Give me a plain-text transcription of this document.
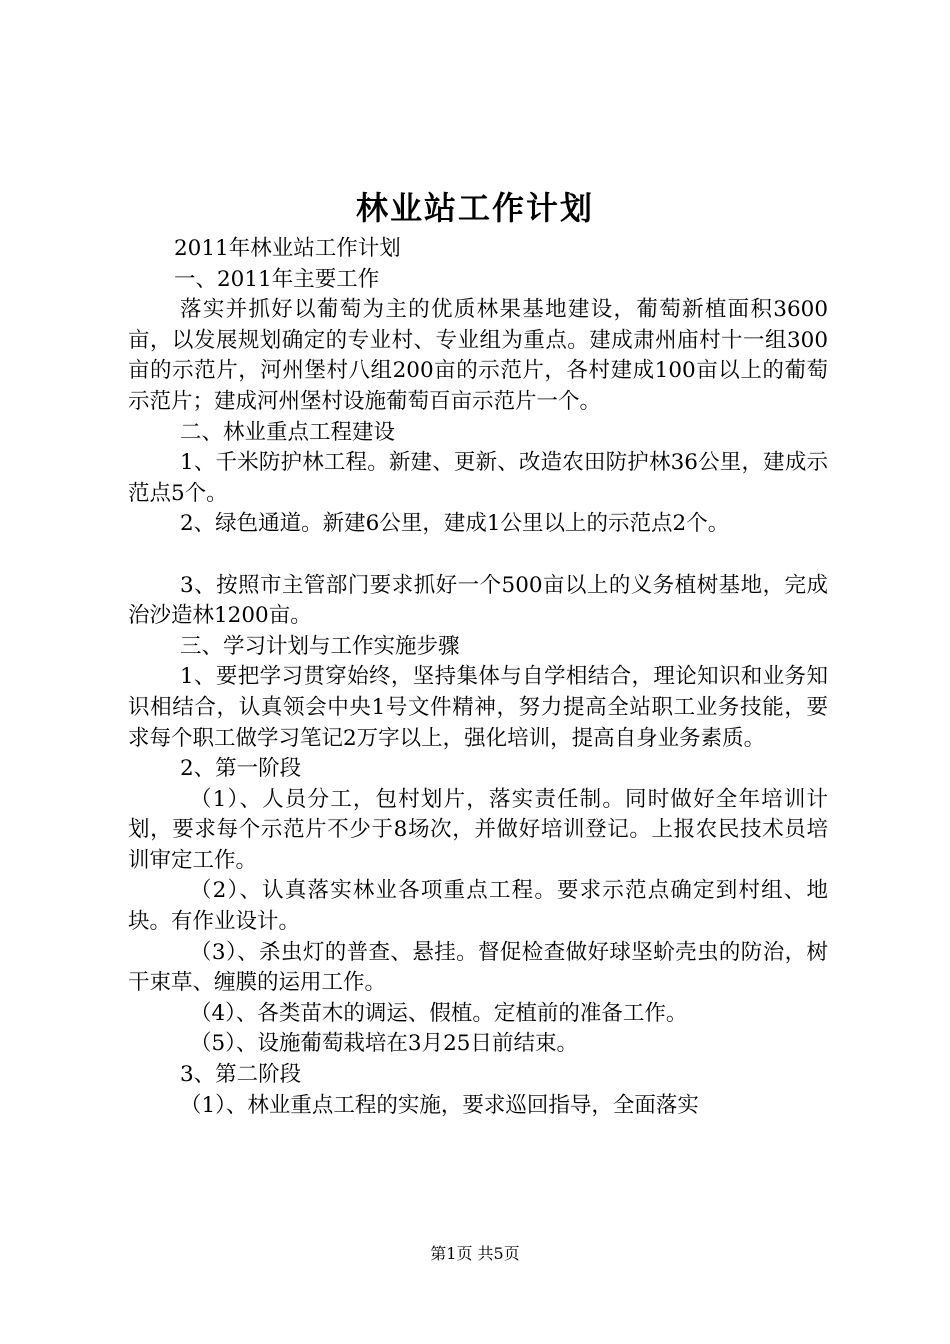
林业站工作计划

2011年林业站工作计划

一、2011年主要工作

落实并抓好以葡萄为主的优质林果基地建设，葡萄新植面积3600亩，以发展规划确定的专业村、专业组为重点。建成肃州庙村十一组300亩的示范片，河州堡村八组200亩的示范片，各村建成100亩以上的葡萄示范片；建成河州堡村设施葡萄百亩示范片一个。

二、林业重点工程建设

1、千米防护林工程。新建、更新、改造农田防护林36公里，建成示范点5个。

2、绿色通道。新建6公里，建成1公里以上的示范点2个。

3、按照市主管部门要求抓好一个500亩以上的义务植树基地，完成治沙造林1200亩。

三、学习计划与工作实施步骤

1、要把学习贯穿始终，坚持集体与自学相结合，理论知识和业务知识相结合，认真领会中央1号文件精神，努力提高全站职工业务技能，要求每个职工做学习笔记2万字以上，强化培训，提高自身业务素质。

2、第一阶段

（1）、人员分工，包村划片，落实责任制。同时做好全年培训计划，要求每个示范片不少于8场次，并做好培训登记。上报农民技术员培训审定工作。

（2）、认真落实林业各项重点工程。要求示范点确定到村组、地块。有作业设计。

（3）、杀虫灯的普查、悬挂。督促检查做好球坚蚧壳虫的防治，树干束草、缠膜的运用工作。

（4）、各类苗木的调运、假植。定植前的准备工作。

（5）、设施葡萄栽培在3月25日前结束。

3、第二阶段

（1）、林业重点工程的实施，要求巡回指导，全面落实

第1页 共5页
